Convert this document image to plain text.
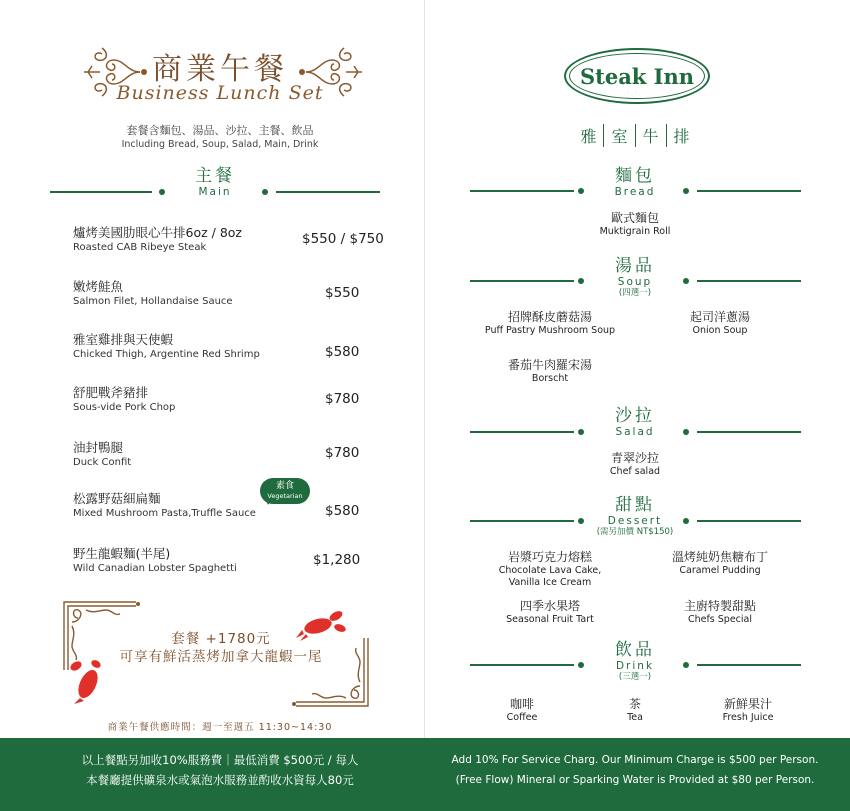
商業午餐
Business Lunch Set
套餐含麵包、湯品、沙拉、主餐、飲品
Including Bread, Soup, Salad, Main, Drink
主餐
Main
爐烤美國肋眼心牛排6oz / 8oz
Roasted CAB Ribeye Steak
$550 / $750
嫩烤鮭魚
Salmon Filet, Hollandaise Sauce
$550
雅室雞排與天使蝦
Chicked Thigh, Argentine Red Shrimp	$580
舒肥戰斧豬排
Sous-vide Pork Chop
$780
油封鴨腿
Duck Confit
$780
素食
Vegetarian
松露野菇細扁麵
Mixed Mushroom Pasta,Truffle Sauce	$580
野生龍蝦麵(半尾)
Wild Canadian Lobster Spaghetti
$1,280
套餐 +1780元
可享有鮮活蒸烤加拿大龍蝦一尾
商業午餐供應時間：週一至週五 11:30~14:30
Steak Inn
雅 室 牛 排
麵包
Bread
歐式麵包
Muktigrain Roll
湯品
Soup
(四選一)
招牌酥皮蘑菇湯
Puff Pastry Mushroom Soup
起司洋蔥湯
Onion Soup
番茄牛肉羅宋湯
Borscht
沙拉
Salad
青翠沙拉
Chef salad
甜點
Dessert
(需另加價 NT$150)
岩漿巧克力熔糕
Chocolate Lava Cake,
Vanilla Ice Cream
溫烤純奶焦糖布丁
Caramel Pudding
四季水果塔
Seasonal Fruit Tart
主廚特製甜點
Chefs Special
飲品
Drink
(三選一)
咖啡
Coffee
茶
Tea
新鮮果汁
Fresh Juice
以上餐點另加收10%服務費｜最低消費 $500元 / 每人
本餐廳提供礦泉水或氣泡水服務並酌收水資每人80元
Add 10% For Service Charg. Our Minimum Charge is $500 per Person.
(Free Flow) Mineral or Sparking Water is Provided at $80 per Person.
